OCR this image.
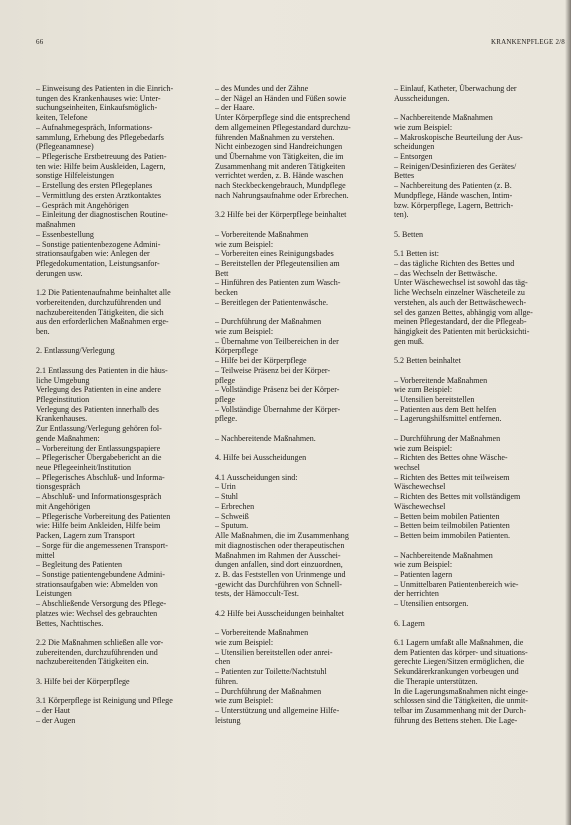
66	KRANKENPFLEGE 2/8

– Einweisung des Patienten in die Einrich-

tungen des Krankenhauses wie: Unter-

suchungseinheiten, Einkaufsmöglich-

keiten, Telefone

– Aufnahmegespräch, Informations-

sammlung, Erhebung des Pflegebedarfs

(Pflegeanamnese)

– Pflegerische Erstbetreuung des Patien-

ten wie: Hilfe beim Auskleiden, Lagern,

sonstige Hilfeleistungen

– Erstellung des ersten Pflegeplanes

– Vermittlung des ersten Arztkontaktes

– Gespräch mit Angehörigen

– Einleitung der diagnostischen Routine-

maßnahmen

– Essenbestellung

– Sonstige patientenbezogene Admini-

strationsaufgaben wie: Anlegen der

Pflegedokumentation, Leistungsanfor-

derungen usw.

1.2 Die Patientenaufnahme beinhaltet alle

vorbereitenden, durchzuführenden und

nachzubereitenden Tätigkeiten, die sich

aus den erforderlichen Maßnahmen erge-

ben.

2. Entlassung/Verlegung

2.1 Entlassung des Patienten in die häus-

liche Umgebung

Verlegung des Patienten in eine andere

Pflegeinstitution

Verlegung des Patienten innerhalb des

Krankenhauses.

Zur Entlassung/Verlegung gehören fol-

gende Maßnahmen:

– Vorbereitung der Entlassungspapiere

– Pflegerischer Übergabebericht an die

neue Pflegeeinheit/Institution

– Pflegerisches Abschluß- und Informa-

tionsgespräch

– Abschluß- und Informationsgespräch

mit Angehörigen

– Pflegerische Vorbereitung des Patienten

wie: Hilfe beim Ankleiden, Hilfe beim

Packen, Lagern zum Transport

– Sorge für die angemessenen Transport-

mittel

– Begleitung des Patienten

– Sonstige patientengebundene Admini-

strationsaufgaben wie: Abmelden von

Leistungen

– Abschließende Versorgung des Pflege-

platzes wie: Wechsel des gebrauchten

Bettes, Nachttisches.

2.2 Die Maßnahmen schließen alle vor-

zubereitenden, durchzuführenden und

nachzubereitenden Tätigkeiten ein.

3. Hilfe bei der Körperpflege

3.1 Körperpflege ist Reinigung und Pflege

– der Haut

– der Augen

– des Mundes und der Zähne

– der Nägel an Händen und Füßen sowie

– der Haare.

Unter Körperpflege sind die entsprechend

dem allgemeinen Pflegestandard durchzu-

führenden Maßnahmen zu verstehen.

Nicht einbezogen sind Handreichungen

und Übernahme von Tätigkeiten, die im

Zusammenhang mit anderen Tätigkeiten

verrichtet werden, z. B. Hände waschen

nach Steckbeckengebrauch, Mundpflege

nach Nahrungsaufnahme oder Erbrechen.

3.2 Hilfe bei der Körperpflege beinhaltet

– Vorbereitende Maßnahmen

wie zum Beispiel:

– Vorbereiten eines Reinigungsbades

– Bereitstellen der Pflegeutensilien am

Bett

– Hinführen des Patienten zum Wasch-

becken

– Bereitlegen der Patientenwäsche.

– Durchführung der Maßnahmen

wie zum Beispiel:

– Übernahme von Teilbereichen in der

Körperpflege

– Hilfe bei der Körperpflege

– Teilweise Präsenz bei der Körper-

pflege

– Vollständige Präsenz bei der Körper-

pflege

– Vollständige Übernahme der Körper-

pflege.

– Nachbereitende Maßnahmen.

4. Hilfe bei Ausscheidungen

4.1 Ausscheidungen sind:

– Urin

– Stuhl

– Erbrechen

– Schweiß

– Sputum.

Alle Maßnahmen, die im Zusammenhang

mit diagnostischen oder therapeutischen

Maßnahmen im Rahmen der Ausschei-

dungen anfallen, sind dort einzuordnen,

z. B. das Feststellen von Urinmenge und

-gewicht das Durchführen von Schnell-

tests, der Hämoccult-Test.

4.2 Hilfe bei Ausscheidungen beinhaltet

– Vorbereitende Maßnahmen

wie zum Beispiel:

– Utensilien bereitstellen oder anrei-

chen

– Patienten zur Toilette/Nachtstuhl

führen.

– Durchführung der Maßnahmen

wie zum Beispiel:

– Unterstützung und allgemeine Hilfe-

leistung

– Einlauf, Katheter, Überwachung der

Ausscheidungen.

– Nachbereitende Maßnahmen

wie zum Beispiel:

– Makroskopische Beurteilung der Aus-

scheidungen

– Entsorgen

– Reinigen/Desinfizieren des Gerätes/

Bettes

– Nachbereitung des Patienten (z. B.

Mundpflege, Hände waschen, Intim-

bzw. Körperpflege, Lagern, Bettrich-

ten).

5. Betten

5.1 Betten ist:

– das tägliche Richten des Bettes und

– das Wechseln der Bettwäsche.

Unter Wäschewechsel ist sowohl das täg-

liche Wechseln einzelner Wäscheteile zu

verstehen, als auch der Bettwäschewech-

sel des ganzen Bettes, abhängig vom allge-

meinen Pflegestandard, der die Pflegeab-

hängigkeit des Patienten mit berücksichti-

gen muß.

5.2 Betten beinhaltet

– Vorbereitende Maßnahmen

wie zum Beispiel:

– Utensilien bereitstellen

– Patienten aus dem Bett helfen

– Lagerungshilfsmittel entfernen.

– Durchführung der Maßnahmen

wie zum Beispiel:

– Richten des Bettes ohne Wäsche-

wechsel

– Richten des Bettes mit teilweisem

Wäschewechsel

– Richten des Bettes mit vollständigem

Wäschewechsel

– Betten beim mobilen Patienten

– Betten beim teilmobilen Patienten

– Betten beim immobilen Patienten.

– Nachbereitende Maßnahmen

wie zum Beispiel:

– Patienten lagern

– Unmittelbaren Patientenbereich wie-

der herrichten

– Utensilien entsorgen.

6. Lagern

6.1 Lagern umfaßt alle Maßnahmen, die

dem Patienten das körper- und situations-

gerechte Liegen/Sitzen ermöglichen, die

Sekundärerkrankungen vorbeugen und

die Therapie unterstützen.

In die Lagerungsmaßnahmen nicht einge-

schlossen sind die Tätigkeiten, die unmit-

telbar im Zusammenhang mit der Durch-

führung des Bettens stehen. Die Lage-
